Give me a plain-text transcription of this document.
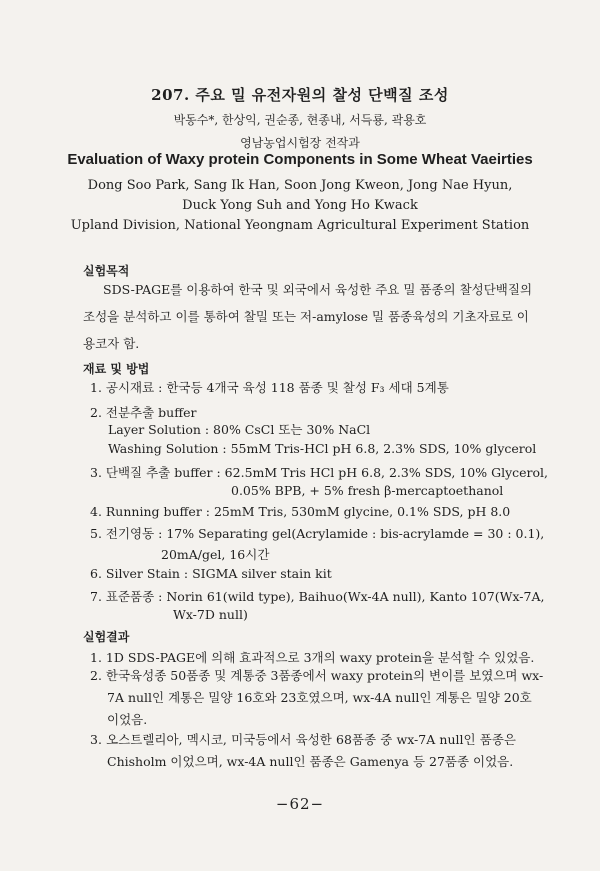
207. 주요 밀 유전자원의 찰성 단백질 조성
박동수*, 한상익, 권순종, 현종내, 서득룡, 곽용호
영남농업시험장 전작과
Evaluation of Waxy protein Components in Some Wheat Vaeirties
Dong Soo Park, Sang Ik Han, Soon Jong Kweon, Jong Nae Hyun,
Duck Yong Suh and Yong Ho Kwack
Upland Division, National Yeongnam Agricultural Experiment Station
실험목적
SDS-PAGE를 이용하여 한국 및 외국에서 육성한 주요 밀 품종의 찰성단백질의
조성을 분석하고 이를 통하여 찰밀 또는 저-amylose 밀 품종육성의 기초자료로 이
용코자 함.
재료 및 방법
1. 공시재료 : 한국등 4개국 육성 118 품종 및 찰성 F₃ 세대 5계통
2. 전분추출 buffer
Layer Solution : 80% CsCl 또는 30% NaCl
Washing Solution : 55mM Tris-HCl pH 6.8, 2.3% SDS, 10% glycerol
3. 단백질 추출 buffer : 62.5mM Tris HCl pH 6.8, 2.3% SDS, 10% Glycerol,
0.05% BPB, + 5% fresh β-mercaptoethanol
4. Running buffer : 25mM Tris, 530mM glycine, 0.1% SDS, pH 8.0
5. 전기영동 : 17% Separating gel(Acrylamide : bis-acrylamde = 30 : 0.1),
20mA/gel, 16시간
6. Silver Stain : SIGMA silver stain kit
7. 표준품종 : Norin 61(wild type), Baihuo(Wx-4A null), Kanto 107(Wx-7A,
Wx-7D null)
실험결과
1. 1D SDS-PAGE에 의해 효과적으로 3개의 waxy protein을 분석할 수 있었음.
2. 한국육성종 50품종 및 계통중 3품종에서 waxy protein의 변이를 보였으며 wx-
7A null인 계통은 밀양 16호와 23호였으며, wx-4A null인 계통은 밀양 20호
이었음.
3. 오스트렐리아, 멕시코, 미국등에서 육성한 68품종 중 wx-7A null인 품종은
Chisholm 이었으며, wx-4A null인 품종은 Gamenya 등 27품종 이었음.
−62−
